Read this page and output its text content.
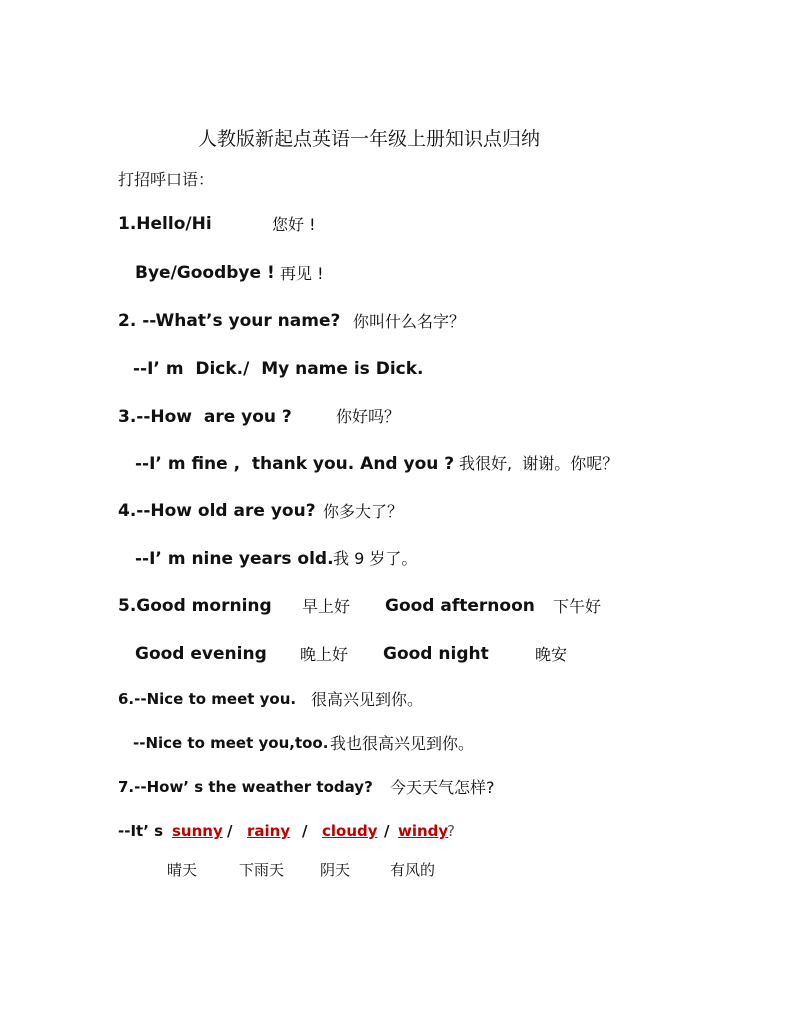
人教版新起点英语一年级上册知识点归纳
打招呼口语：
1.Hello/Hi	您好 !
Bye/Goodbye ! 再见 !
2. --What’s your name? 你叫什么名字？
--I’ m  Dick./  My name is Dick.
3.--How  are you ?	你好吗？
--I’ m fine ,  thank you. And you ? 我很好,  谢谢。你呢？
4.--How old are you? 你多大了？
--I’ m nine years old. 我 9 岁了。
5.Good morning 早上好 Good afternoon 下午好
Good evening 晚上好 Good night	晚安
6.--Nice to meet you. 很高兴见到你。
--Nice to meet you,too. 我也很高兴见到你。
7.--How’ s the weather today? 今天天气怎样?
--It’ s sunny / rainy / cloudy / windy
?
晴天	下雨天 阴天	有风的
